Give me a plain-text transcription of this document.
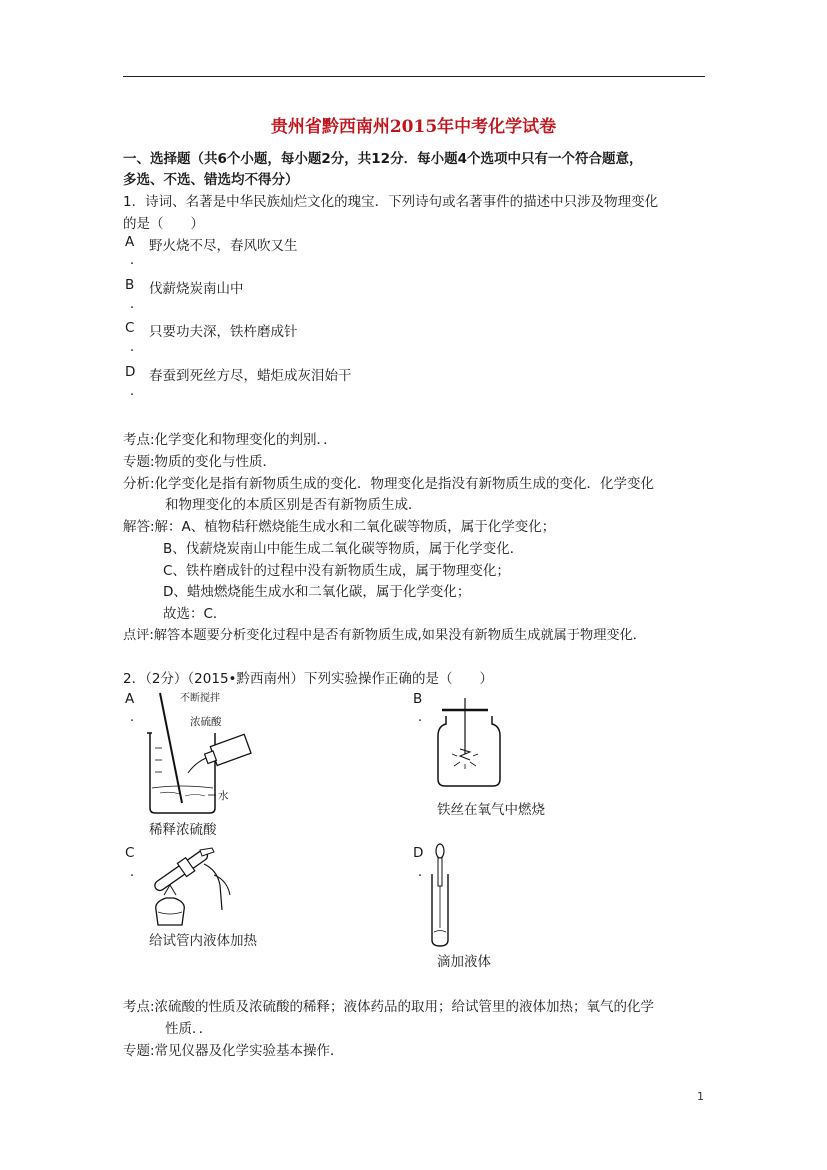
贵州省黔西南州2015年中考化学试卷
一、选择题（共6个小题，每小题2分，共12分．每小题4个选项中只有一个符合题意，
多选、不选、错选均不得分）
1．诗词、名著是中华民族灿烂文化的瑰宝．下列诗句或名著事件的描述中只涉及物理变化
的是（　　）
A 野火烧不尽，春风吹又生
.
B 伐薪烧炭南山中
.
C 只要功夫深，铁杵磨成针
.
D 春蚕到死丝方尽，蜡炬成灰泪始干
.
考点:化学变化和物理变化的判别．．
专题:物质的变化与性质．
分析:化学变化是指有新物质生成的变化．物理变化是指没有新物质生成的变化．化学变化
和物理变化的本质区别是否有新物质生成．
解答:解：A、植物秸秆燃烧能生成水和二氧化碳等物质，属于化学变化；
B、伐薪烧炭南山中能生成二氧化碳等物质，属于化学变化．
C、铁杵磨成针的过程中没有新物质生成，属于物理变化；
D、蜡烛燃烧能生成水和二氧化碳，属于化学变化；
故选：C．
点评:解答本题要分析变化过程中是否有新物质生成,如果没有新物质生成就属于物理变化．
2．（2分）（2015•黔西南州）下列实验操作正确的是（　　）
A
.
不断搅拌
浓硫酸
水
稀释浓硫酸
B
.
铁丝在氧气中燃烧
C
.
给试管内液体加热
D
.
滴加液体
考点:浓硫酸的性质及浓硫酸的稀释；液体药品的取用；给试管里的液体加热；氧气的化学
性质．．
专题:常见仪器及化学实验基本操作．
1
